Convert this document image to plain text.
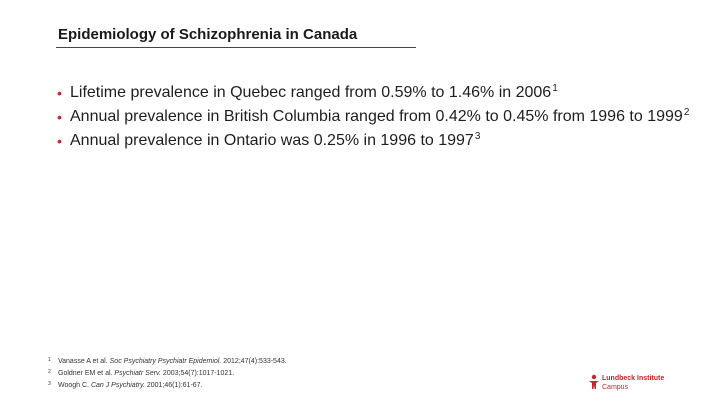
Epidemiology of Schizophrenia in Canada
• Lifetime prevalence in Quebec ranged from 0.59% to 1.46% in 2006$^1$
• Annual prevalence in British Columbia ranged from 0.42% to 0.45% from 1996 to 1999$^2$
• Annual prevalence in Ontario was 0.25% in 1996 to 1997$^3$
1 Vanasse A et al. Soc Psychiatry Psychiatr Epidemiol. 2012;47(4):533-543.
2 Goldner EM et al. Psychiatr Serv. 2003;54(7):1017-1021.
3 Woogh C. Can J Psychiatry. 2001;46(1):61-67.
Lundbeck Institute
Campus
